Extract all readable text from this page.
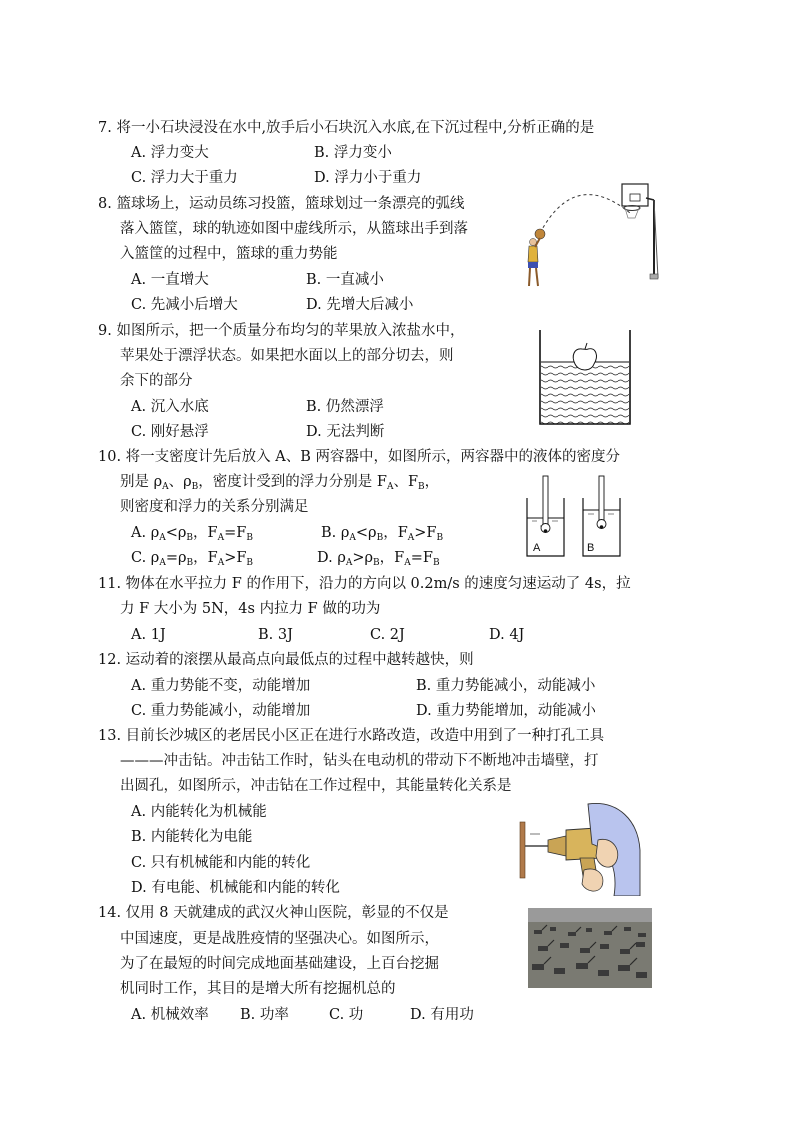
7. 将一小石块浸没在水中,放手后小石块沉入水底,在下沉过程中,分析正确的是
A. 浮力变大	B. 浮力变小
C. 浮力大于重力	D. 浮力小于重力
8. 篮球场上，运动员练习投篮，篮球划过一条漂亮的弧线
落入篮筐，球的轨迹如图中虚线所示，从篮球出手到落
入篮筐的过程中，篮球的重力势能
A. 一直增大	B. 一直减小
C. 先减小后增大	D. 先增大后减小
9. 如图所示，把一个质量分布均匀的苹果放入浓盐水中，
苹果处于漂浮状态。如果把水面以上的部分切去，则
余下的部分
A. 沉入水底	B. 仍然漂浮
C. 刚好悬浮	D. 无法判断
10. 将一支密度计先后放入 A、B 两容器中，如图所示，两容器中的液体的密度分
别是 $\rho_A$、$\rho_B$，密度计受到的浮力分别是 $F_A$、$F_B$，
则密度和浮力的关系分别满足
A. $\rho_A<\rho_B$，$F_A=F_B$	B. $\rho_A<\rho_B$，$F_A>F_B$
C. $\rho_A=\rho_B$，$F_A>F_B$	D. $\rho_A>\rho_B$，$F_A=F_B$
A	B
11. 物体在水平拉力 F 的作用下，沿力的方向以 0.2m/s 的速度匀速运动了 4s，拉
力 F 大小为 5N，4s 内拉力 F 做的功为
A. 1J	B. 3J	C. 2J	D. 4J
12. 运动着的滚摆从最高点向最低点的过程中越转越快，则
A. 重力势能不变，动能增加	B. 重力势能减小，动能减小
C. 重力势能减小，动能增加	D. 重力势能增加，动能减小
13. 目前长沙城区的老居民小区正在进行水路改造，改造中用到了一种打孔工具
———冲击钻。冲击钻工作时，钻头在电动机的带动下不断地冲击墙壁，打
出圆孔，如图所示，冲击钻在工作过程中，其能量转化关系是
A. 内能转化为机械能
B. 内能转化为电能
C. 只有机械能和内能的转化
D. 有电能、机械能和内能的转化
14. 仅用 8 天就建成的武汉火神山医院，彰显的不仅是
中国速度，更是战胜疫情的坚强决心。如图所示，
为了在最短的时间完成地面基础建设，上百台挖掘
机同时工作，其目的是增大所有挖掘机总的
A. 机械效率 B. 功率	C. 功	D. 有用功
